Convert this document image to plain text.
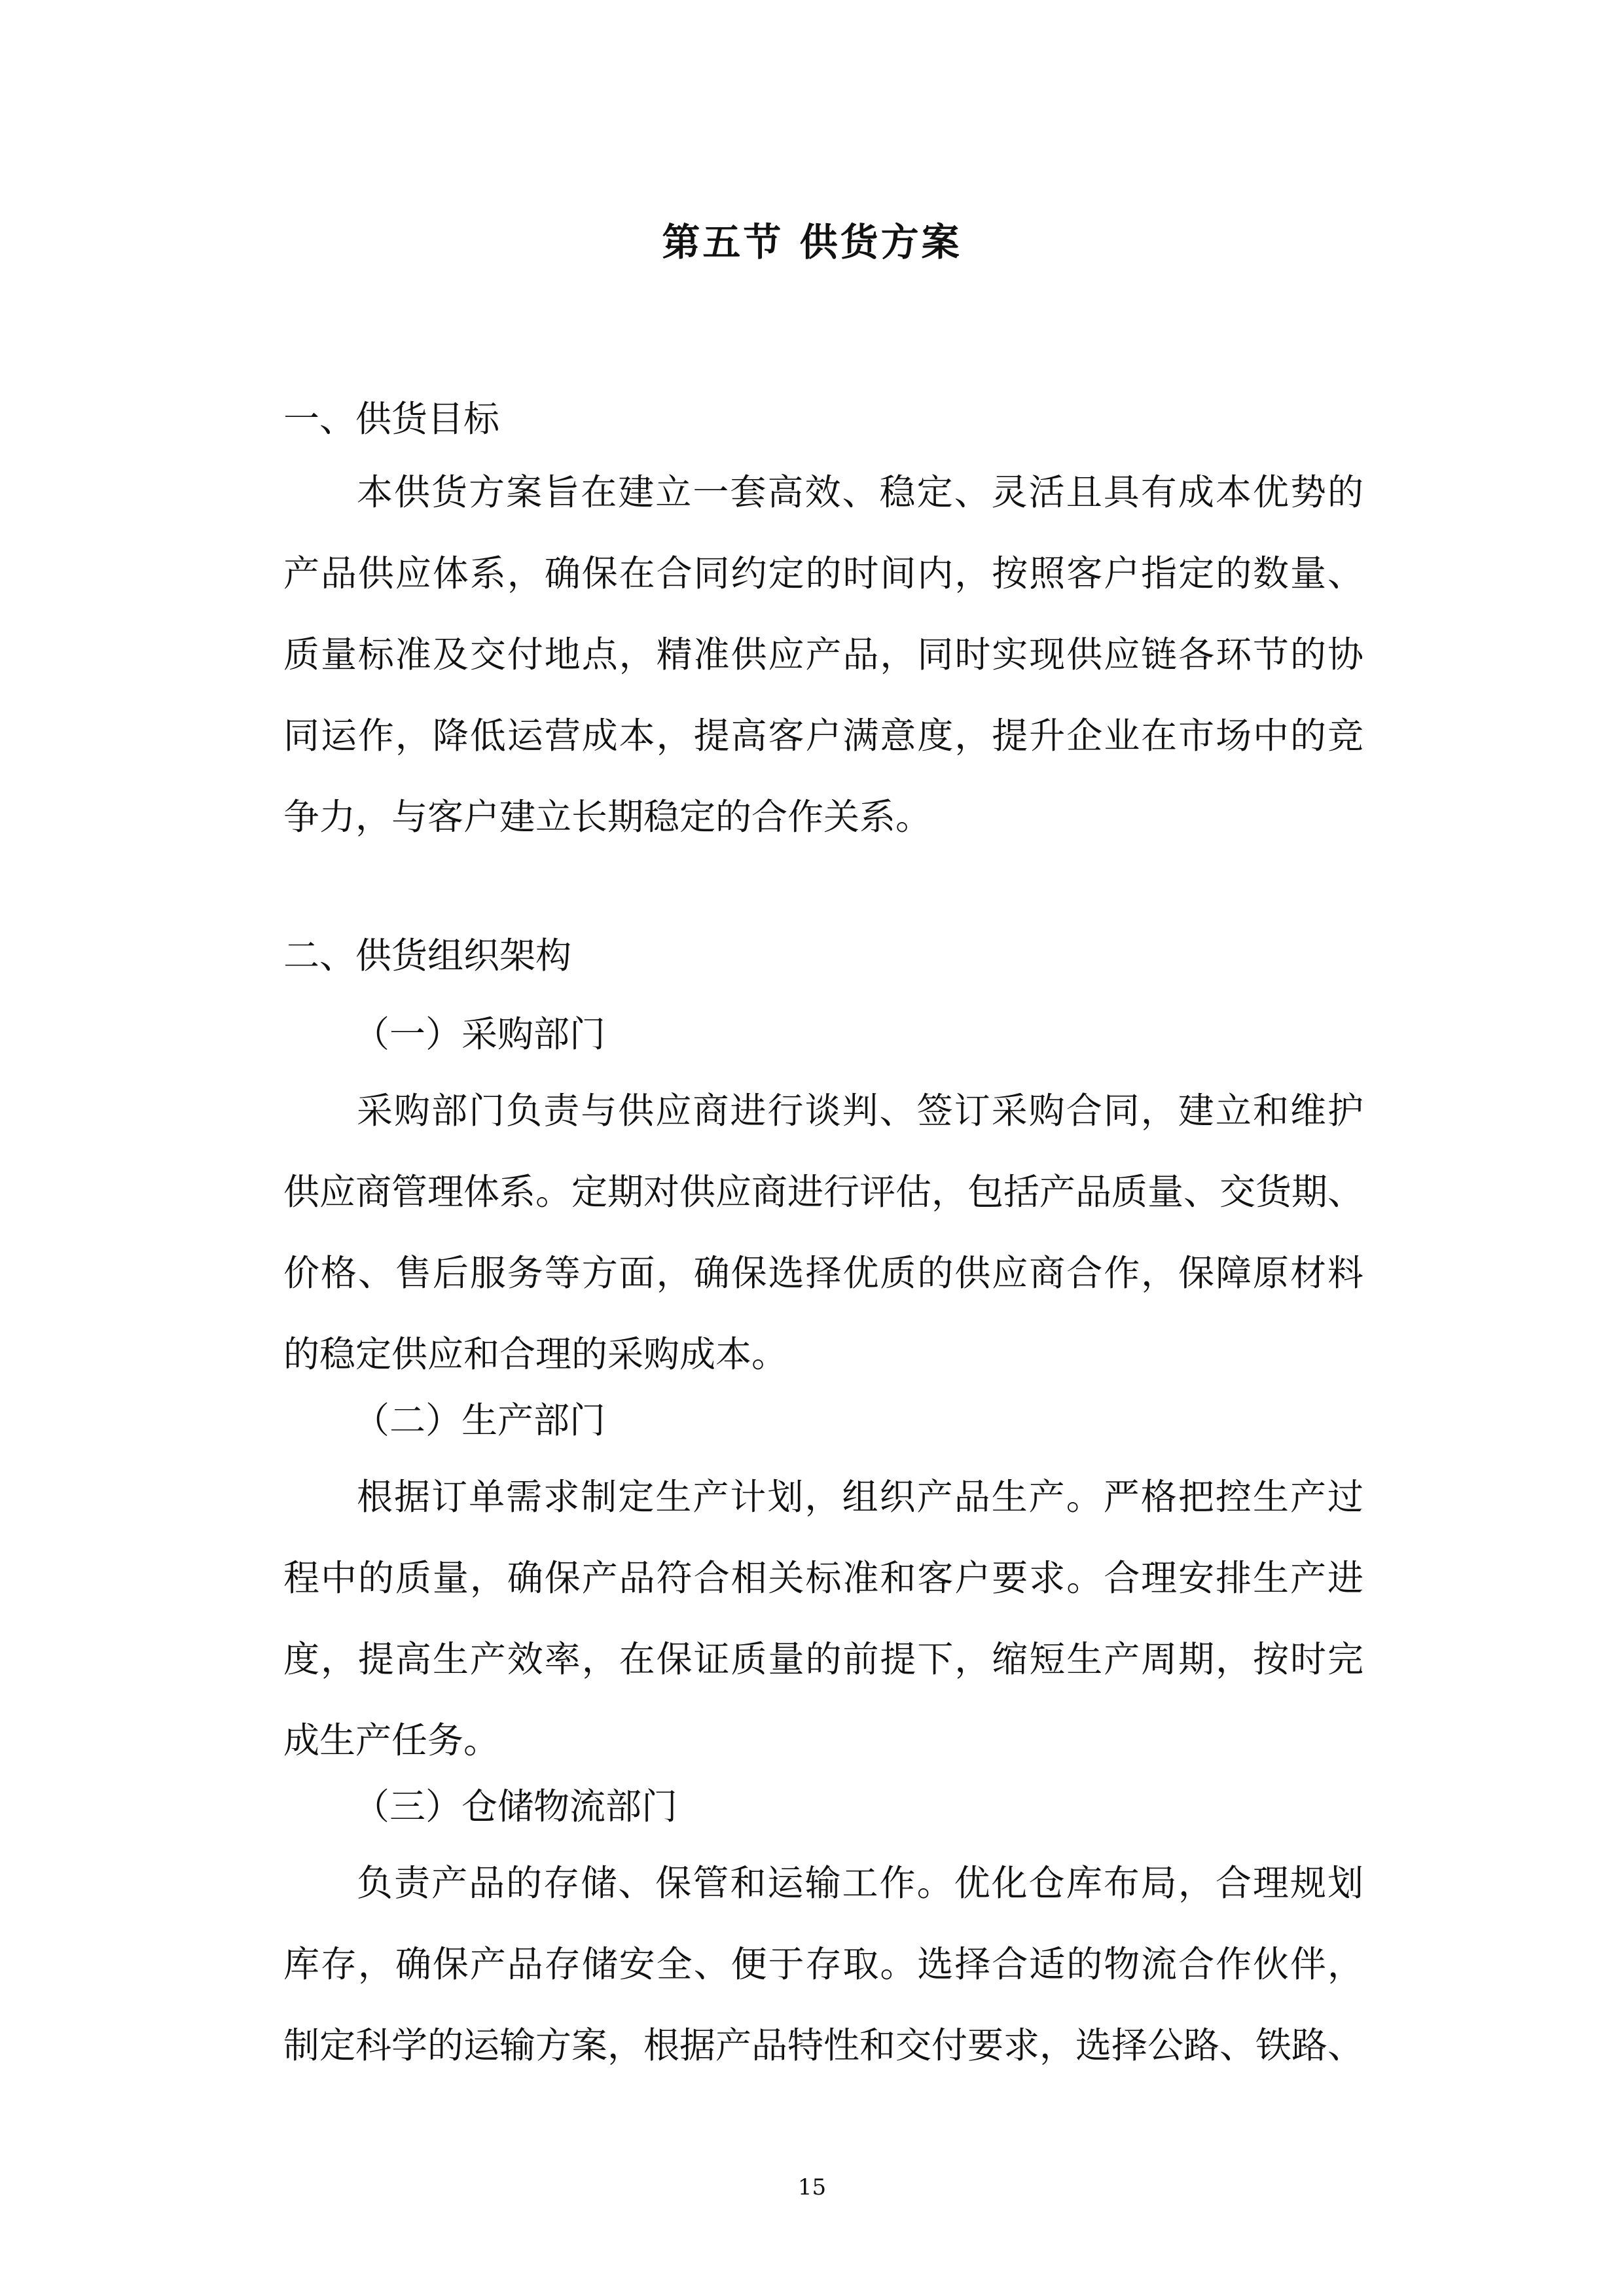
第五节 供货方案
一、供货目标
本供货方案旨在建立一套高效、稳定、灵活且具有成本优势的
产品供应体系，确保在合同约定的时间内，按照客户指定的数量、
质量标准及交付地点，精准供应产品，同时实现供应链各环节的协
同运作，降低运营成本，提高客户满意度，提升企业在市场中的竞
争力，与客户建立长期稳定的合作关系。
二、供货组织架构
（一）采购部门
采购部门负责与供应商进行谈判、签订采购合同，建立和维护
供应商管理体系。定期对供应商进行评估，包括产品质量、交货期、
价格、售后服务等方面，确保选择优质的供应商合作，保障原材料
的稳定供应和合理的采购成本。
（二）生产部门
根据订单需求制定生产计划，组织产品生产。严格把控生产过
程中的质量，确保产品符合相关标准和客户要求。合理安排生产进
度，提高生产效率，在保证质量的前提下，缩短生产周期，按时完
成生产任务。
（三）仓储物流部门
负责产品的存储、保管和运输工作。优化仓库布局，合理规划
库存，确保产品存储安全、便于存取。选择合适的物流合作伙伴，
制定科学的运输方案，根据产品特性和交付要求，选择公路、铁路、
15
